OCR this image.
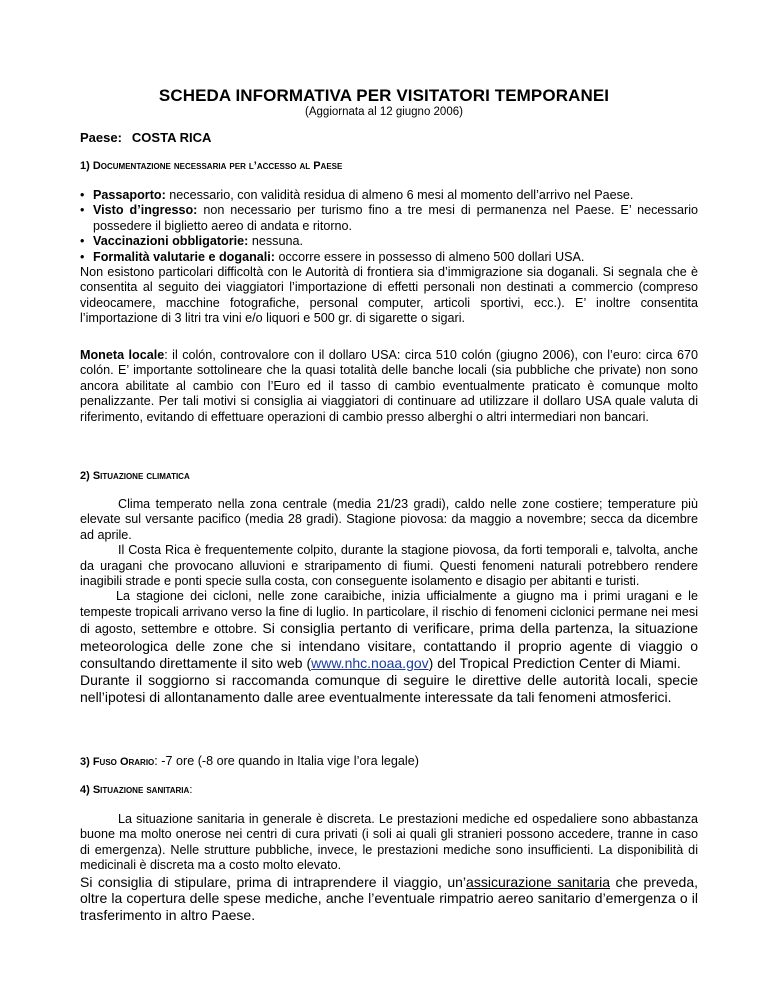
SCHEDA INFORMATIVA PER VISITATORI TEMPORANEI
(Aggiornata al 12 giugno 2006)
Paese: COSTA RICA
1) Documentazione necessaria per l’accesso al Paese
• Passaporto: necessario, con validità residua di almeno 6 mesi al momento dell’arrivo nel Paese.
• Visto d’ingresso: non necessario per turismo fino a tre mesi di permanenza nel Paese. E’ necessario possedere il biglietto aereo di andata e ritorno.
• Vaccinazioni obbligatorie: nessuna.
• Formalità valutarie e doganali: occorre essere in possesso di almeno 500 dollari USA.

Non esistono particolari difficoltà con le Autorità di frontiera sia d’immigrazione sia doganali. Si segnala che è consentita al seguito dei viaggiatori l’importazione di effetti personali non destinati a commercio (compreso videocamere, macchine fotografiche, personal computer, articoli sportivi, ecc.). E’ inoltre consentita l’importazione di 3 litri tra vini e/o liquori e 500 gr. di sigarette o sigari.

Moneta locale: il colón, controvalore con il dollaro USA: circa 510 colón (giugno 2006), con l’euro: circa 670 colón. E’ importante sottolineare che la quasi totalità delle banche locali (sia pubbliche che private) non sono ancora abilitate al cambio con l’Euro ed il tasso di cambio eventualmente praticato è comunque molto penalizzante. Per tali motivi si consiglia ai viaggiatori di continuare ad utilizzare il dollaro USA quale valuta di riferimento, evitando di effettuare operazioni di cambio presso alberghi o altri intermediari non bancari.

2) Situazione climatica

Clima temperato nella zona centrale (media 21/23 gradi), caldo nelle zone costiere; temperature più elevate sul versante pacifico (media 28 gradi). Stagione piovosa: da maggio a novembre; secca da dicembre ad aprile.

Il Costa Rica è frequentemente colpito, durante la stagione piovosa, da forti temporali e, talvolta, anche da uragani che provocano alluvioni e straripamento di fiumi. Questi fenomeni naturali potrebbero rendere inagibili strade e ponti specie sulla costa, con conseguente isolamento e disagio per abitanti e turisti.

La stagione dei cicloni, nelle zone caraibiche, inizia ufficialmente a giugno ma i primi uragani e le tempeste tropicali arrivano verso la fine di luglio. In particolare, il rischio di fenomeni ciclonici permane nei mesi di agosto, settembre e ottobre. Si consiglia pertanto di verificare, prima della partenza, la situazione meteorologica delle zone che si intendano visitare, contattando il proprio agente di viaggio o consultando direttamente il sito web (www.nhc.noaa.gov) del Tropical Prediction Center di Miami.

Durante il soggiorno si raccomanda comunque di seguire le direttive delle autorità locali, specie nell’ipotesi di allontanamento dalle aree eventualmente interessate da tali fenomeni atmosferici.

3) Fuso Orario: -7 ore (-8 ore quando in Italia vige l’ora legale)
4) Situazione sanitaria:

La situazione sanitaria in generale è discreta. Le prestazioni mediche ed ospedaliere sono abbastanza buone ma molto onerose nei centri di cura privati (i soli ai quali gli stranieri possono accedere, tranne in caso di emergenza). Nelle strutture pubbliche, invece, le prestazioni mediche sono insufficienti. La disponibilità di medicinali è discreta ma a costo molto elevato.

Si consiglia di stipulare, prima di intraprendere il viaggio, un’assicurazione sanitaria che preveda, oltre la copertura delle spese mediche, anche l’eventuale rimpatrio aereo sanitario d’emergenza o il trasferimento in altro Paese.
